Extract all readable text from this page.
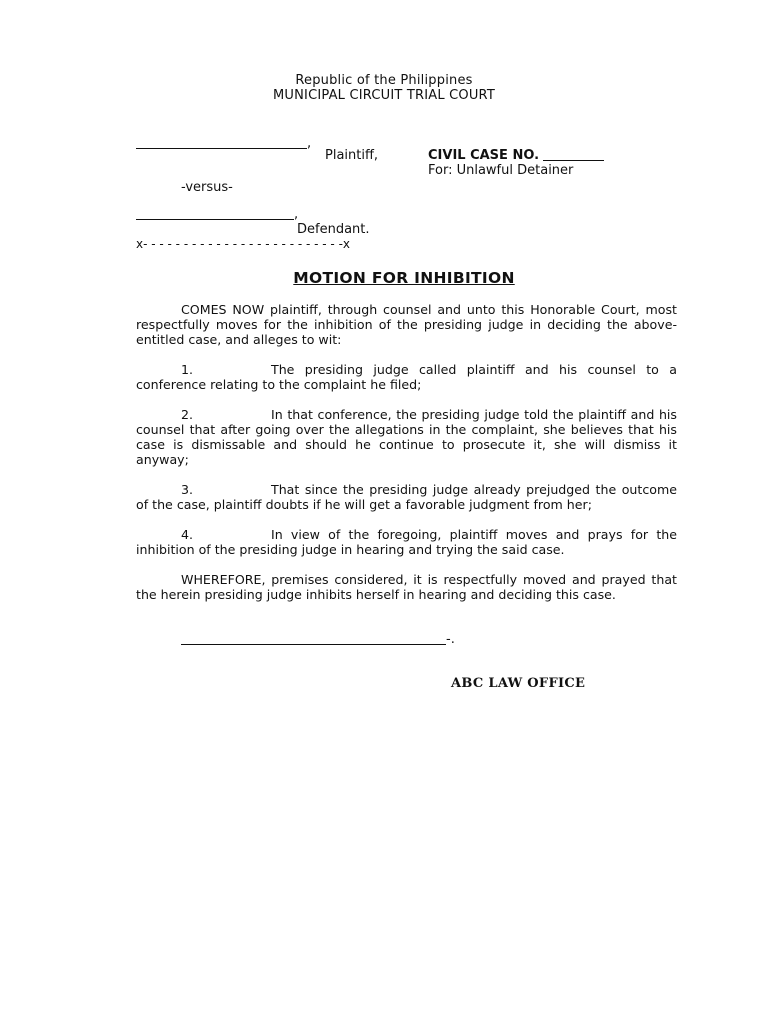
Republic of the Philippines
MUNICIPAL CIRCUIT TRIAL COURT
,
Plaintiff,	CIVIL CASE NO.
For: Unlawful Detainer
-versus-
,
Defendant.
x- - - - - - - - - - - - - - - - - - - - - - - - -x
MOTION FOR INHIBITION
COMES NOW plaintiff, through counsel and unto this Honorable Court, most respectfully moves for the inhibition of the presiding judge in deciding the above-entitled case, and alleges to wit:
1.	The presiding judge called plaintiff and his counsel to a conference relating to the complaint he filed;
2.	In that conference, the presiding judge told the plaintiff and his counsel that after going over the allegations in the complaint, she believes that his case is dismissable and should he continue to prosecute it, she will dismiss it anyway;
3.	That since the presiding judge already prejudged the outcome of the case, plaintiff doubts if he will get a favorable judgment from her;
4.	In view of the foregoing, plaintiff moves and prays for the inhibition of the presiding judge in hearing and trying the said case.
WHEREFORE, premises considered, it is respectfully moved and prayed that the herein presiding judge inhibits herself in hearing and deciding this case.
-.
ABC LAW OFFICE
